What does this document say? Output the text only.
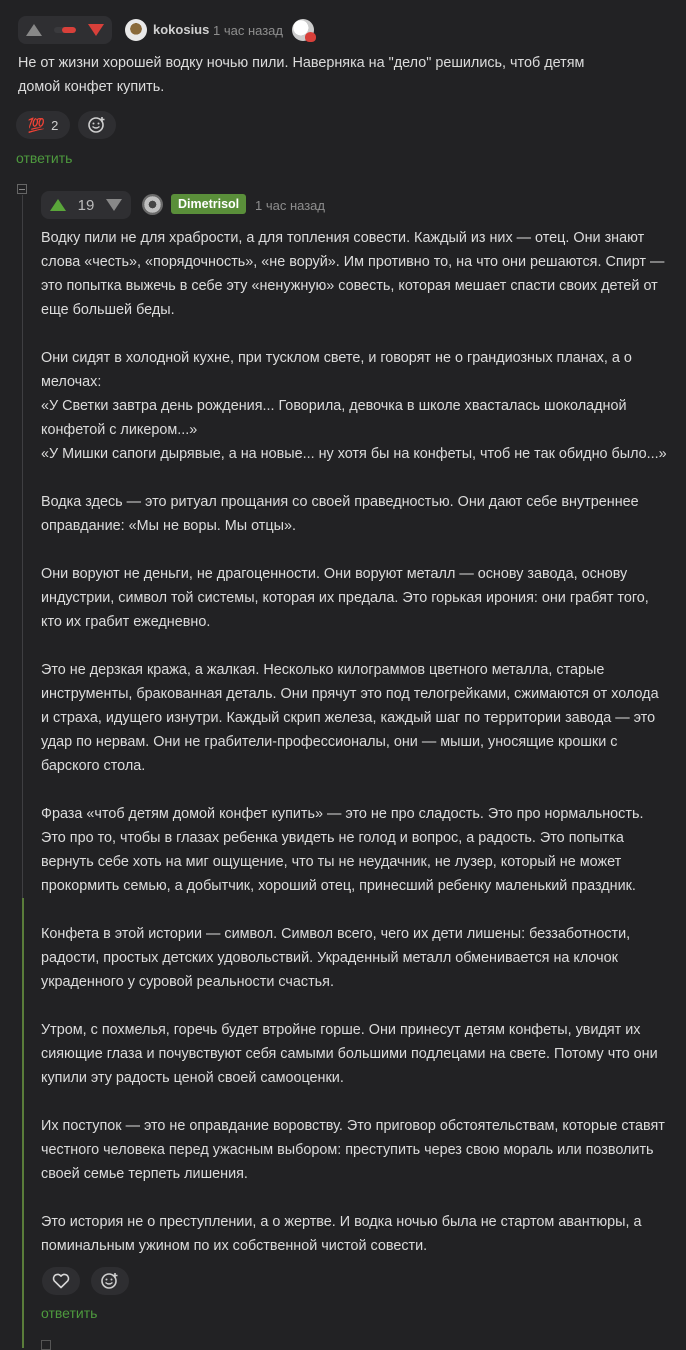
kokosius 1 час назад
Не от жизни хорошей водку ночью пили. Наверняка на "дело" решились, чтоб детям домой конфет купить.
💯 2
ответить
19	Dimetrisol	1 час назад

Водку пили не для храбрости, а для топления совести. Каждый из них — отец. Они знают слова «честь», «порядочность», «не воруй». Им противно то, на что они решаются. Спирт — это попытка выжечь в себе эту «ненужную» совесть, которая мешает спасти своих детей от еще большей беды.

Они сидят в холодной кухне, при тусклом свете, и говорят не о грандиозных планах, а о мелочах:
«У Светки завтра день рождения... Говорила, девочка в школе хвасталась шоколадной конфетой с ликером...»
«У Мишки сапоги дырявые, а на новые... ну хотя бы на конфеты, чтоб не так обидно было...»

Водка здесь — это ритуал прощания со своей праведностью. Они дают себе внутреннее оправдание: «Мы не воры. Мы отцы».

Они воруют не деньги, не драгоценности. Они воруют металл — основу завода, основу индустрии, символ той системы, которая их предала. Это горькая ирония: они грабят того, кто их грабит ежедневно.

Это не дерзкая кража, а жалкая. Несколько килограммов цветного металла, старые инструменты, бракованная деталь. Они прячут это под телогрейками, сжимаются от холода и страха, идущего изнутри. Каждый скрип железа, каждый шаг по территории завода — это удар по нервам. Они не грабители-профессионалы, они — мыши, уносящие крошки с барского стола.

Фраза «чтоб детям домой конфет купить» — это не про сладость. Это про нормальность. Это про то, чтобы в глазах ребенка увидеть не голод и вопрос, а радость. Это попытка вернуть себе хоть на миг ощущение, что ты не неудачник, не лузер, который не может прокормить семью, а добытчик, хороший отец, принесший ребенку маленький праздник.

Конфета в этой истории — символ. Символ всего, чего их дети лишены: беззаботности, радости, простых детских удовольствий. Украденный металл обменивается на клочок украденного у суровой реальности счастья.

Утром, с похмелья, горечь будет втройне горше. Они принесут детям конфеты, увидят их сияющие глаза и почувствуют себя самыми большими подлецами на свете. Потому что они купили эту радость ценой своей самооценки.

Их поступок — это не оправдание воровству. Это приговор обстоятельствам, которые ставят честного человека перед ужасным выбором: преступить через свою мораль или позволить своей семье терпеть лишения.

Это история не о преступлении, а о жертве. И водка ночью была не стартом авантюры, а поминальным ужином по их собственной чистой совести.

ответить
